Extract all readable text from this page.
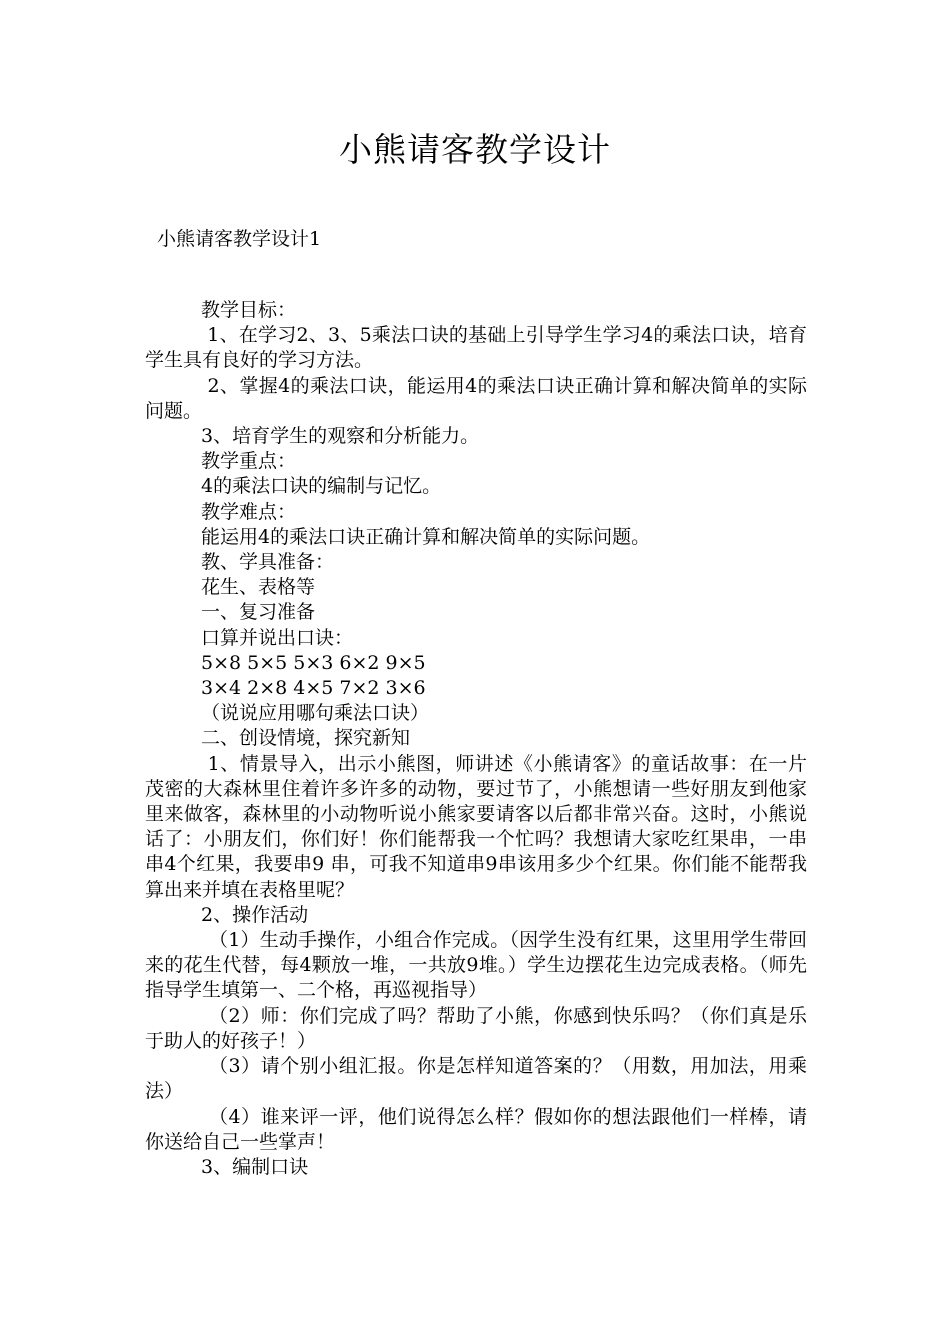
小熊请客教学设计

小熊请客教学设计1

教学目标：

1、在学习2、3、5乘法口诀的基础上引导学生学习4的乘法口诀，培育学生具有良好的学习方法。

2、掌握4的乘法口诀，能运用4的乘法口诀正确计算和解决简单的实际问题。

3、培育学生的观察和分析能力。

教学重点：

4的乘法口诀的编制与记忆。

教学难点：

能运用4的乘法口诀正确计算和解决简单的实际问题。

教、学具准备：

花生、表格等

一、复习准备

口算并说出口诀：

5×8 5×5 5×3 6×2 9×5

3×4 2×8 4×5 7×2 3×6

（说说应用哪句乘法口诀）

二、创设情境，探究新知

1、情景导入，出示小熊图，师讲述《小熊请客》的童话故事：在一片茂密的大森林里住着许多许多的动物，要过节了，小熊想请一些好朋友到他家里来做客，森林里的小动物听说小熊家要请客以后都非常兴奋。这时，小熊说话了：小朋友们，你们好！你们能帮我一个忙吗？我想请大家吃红果串，一串串4个红果，我要串9 串，可我不知道串9串该用多少个红果。你们能不能帮我算出来并填在表格里呢？

2、操作活动

（1）生动手操作，小组合作完成。（因学生没有红果，这里用学生带回来的花生代替，每4颗放一堆，一共放9堆。）学生边摆花生边完成表格。（师先指导学生填第一、二个格，再巡视指导）

（2）师：你们完成了吗？帮助了小熊，你感到快乐吗？（你们真是乐于助人的好孩子！）

（3）请个别小组汇报。你是怎样知道答案的？（用数，用加法，用乘法）

（4）谁来评一评，他们说得怎么样？假如你的想法跟他们一样棒，请你送给自己一些掌声！

3、编制口诀
